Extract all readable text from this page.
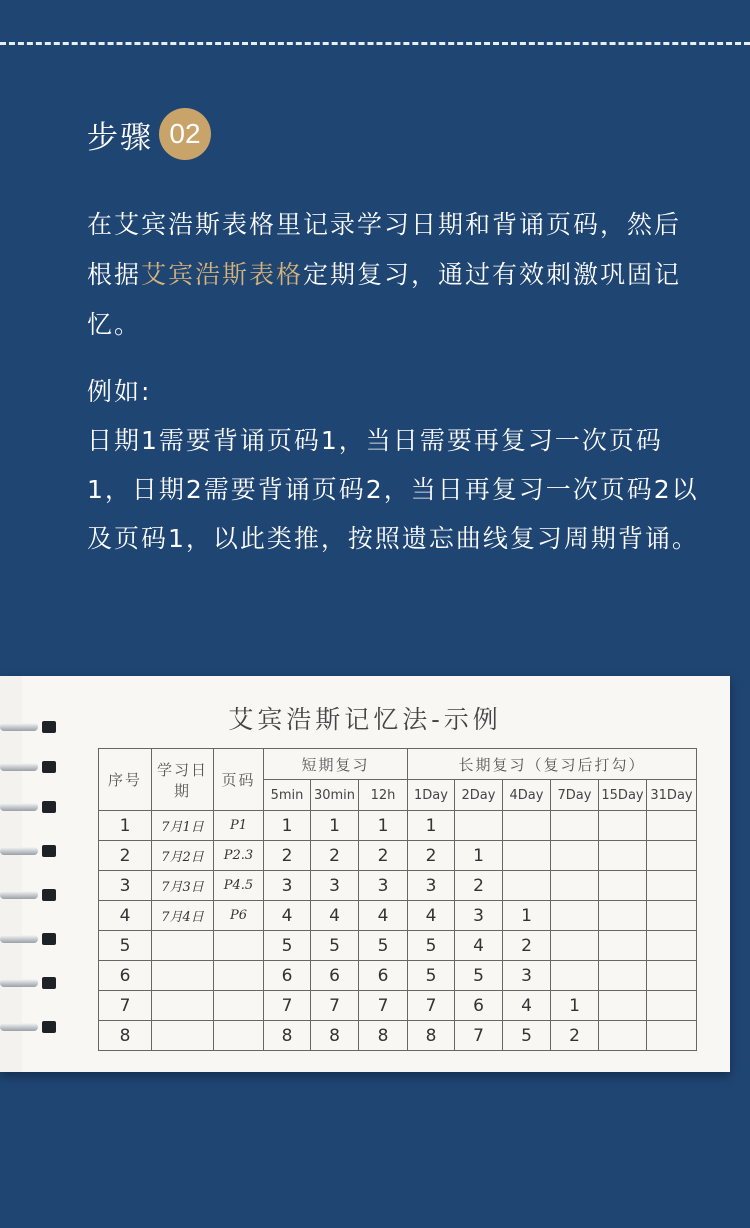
步骤 02
在艾宾浩斯表格里记录学习日期和背诵页码，然后根据艾宾浩斯表格定期复习，通过有效刺激巩固记忆。
例如:
日期1需要背诵页码1，当日需要再复习一次页码1，日期2需要背诵页码2，当日再复习一次页码2以及页码1，以此类推，按照遗忘曲线复习周期背诵。
艾宾浩斯记忆法-示例
序号	学习日期	页码	短期复习			长期复习（复习后打勾）					
			5min	30min	12h	1Day	2Day	4Day	7Day	15Day	31Day
1	7月1日	P1	1	1	1	1					
2	7月2日	P2.3	2	2	2	2	1				
3	7月3日	P4.5	3	3	3	3	2				
4	7月4日	P6	4	4	4	4	3	1			
5			5	5	5	5	4	2			
6			6	6	6	5	5	3			
7			7	7	7	7	6	4	1		
8			8	8	8	8	7	5	2		
